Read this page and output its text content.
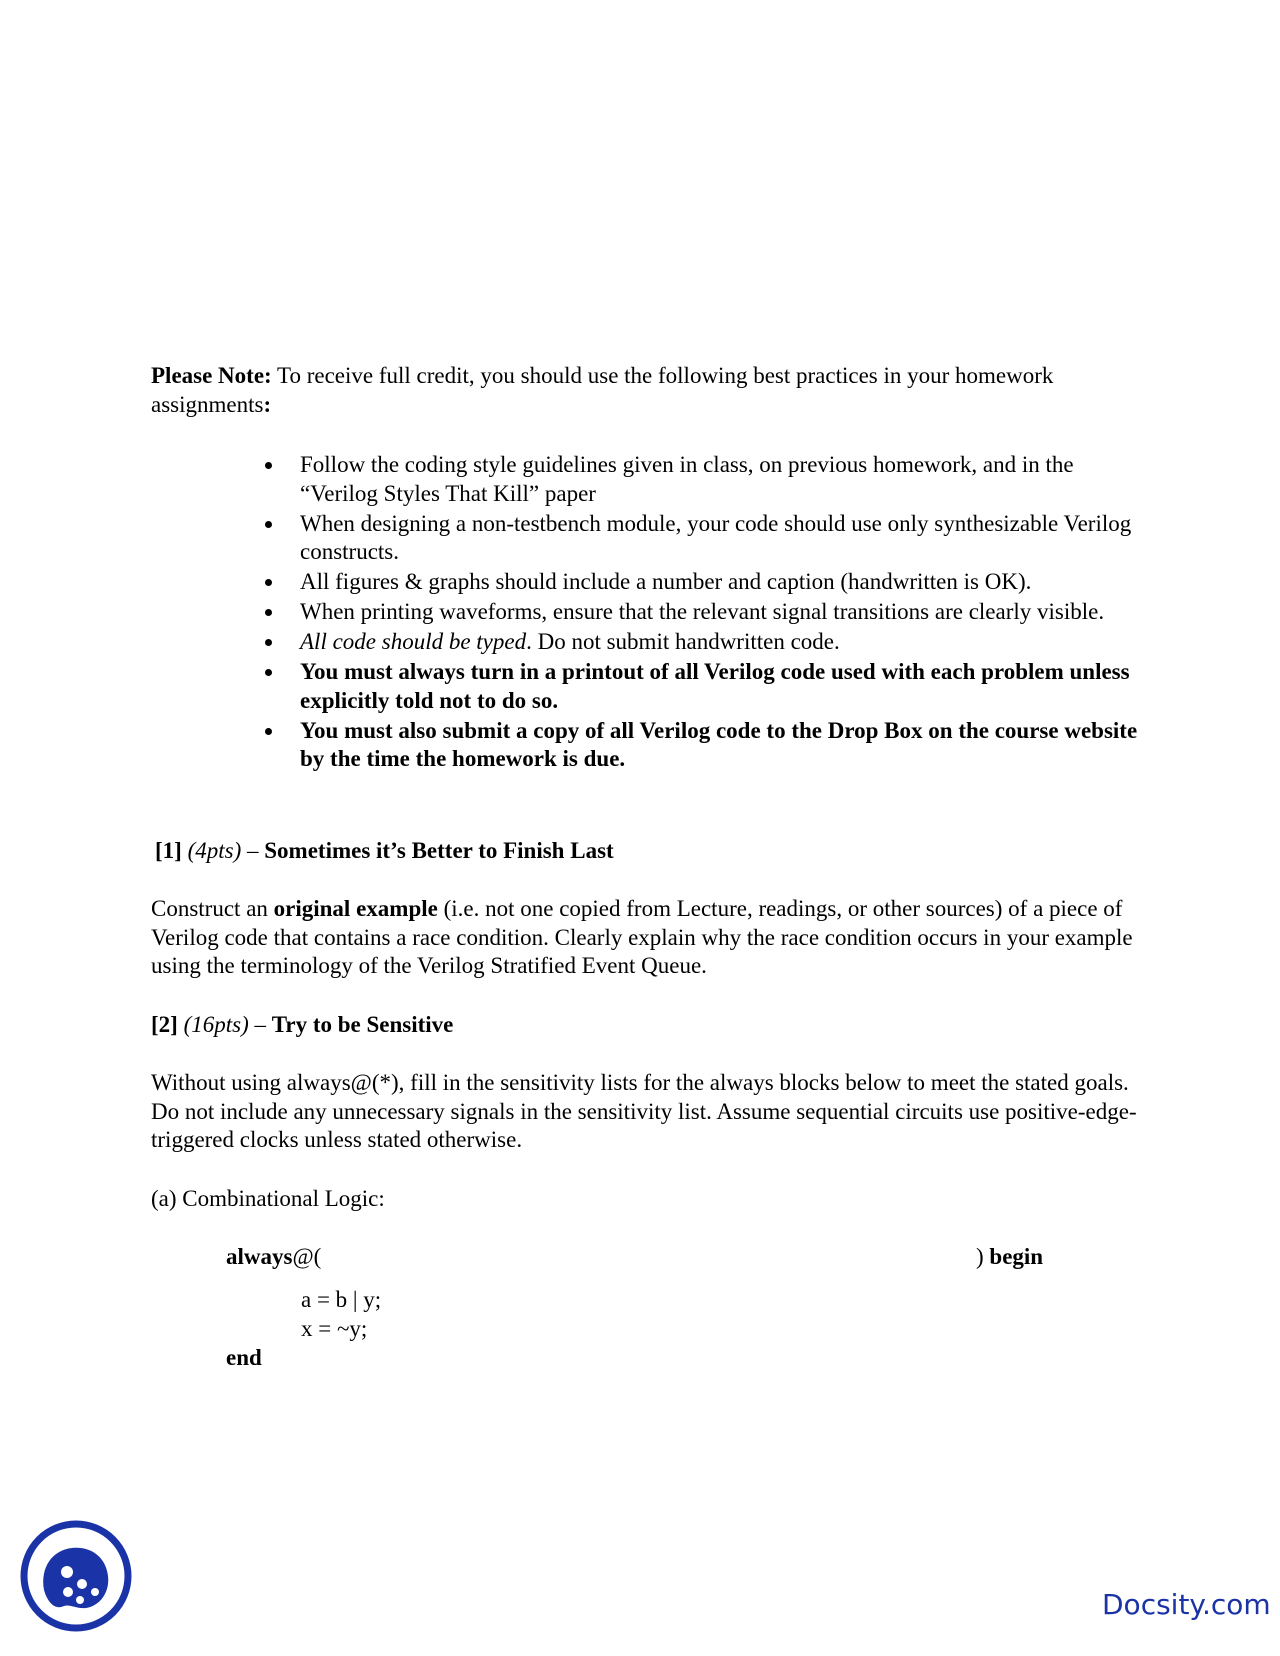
Please Note: To receive full credit, you should use the following best practices in your homework assignments:

Follow the coding style guidelines given in class, on previous homework, and in the “Verilog Styles That Kill” paper
When designing a non-testbench module, your code should use only synthesizable Verilog constructs.
All figures & graphs should include a number and caption (handwritten is OK).
When printing waveforms, ensure that the relevant signal transitions are clearly visible.
All code should be typed. Do not submit handwritten code.
You must always turn in a printout of all Verilog code used with each problem unless explicitly told not to do so.
You must also submit a copy of all Verilog code to the Drop Box on the course website by the time the homework is due.
[1] (4pts) – Sometimes it’s Better to Finish Last
Construct an original example (i.e. not one copied from Lecture, readings, or other sources) of a piece of Verilog code that contains a race condition. Clearly explain why the race condition occurs in your example using the terminology of the Verilog Stratified Event Queue.
[2] (16pts) – Try to be Sensitive
Without using always@(*), fill in the sensitivity lists for the always blocks below to meet the stated goals. Do not include any unnecessary signals in the sensitivity list. Assume sequential circuits use positive-edge-triggered clocks unless stated otherwise.
(a) Combinational Logic:
always@(	) begin
a = b | y;
x = ~y;
end
Docsity.com
